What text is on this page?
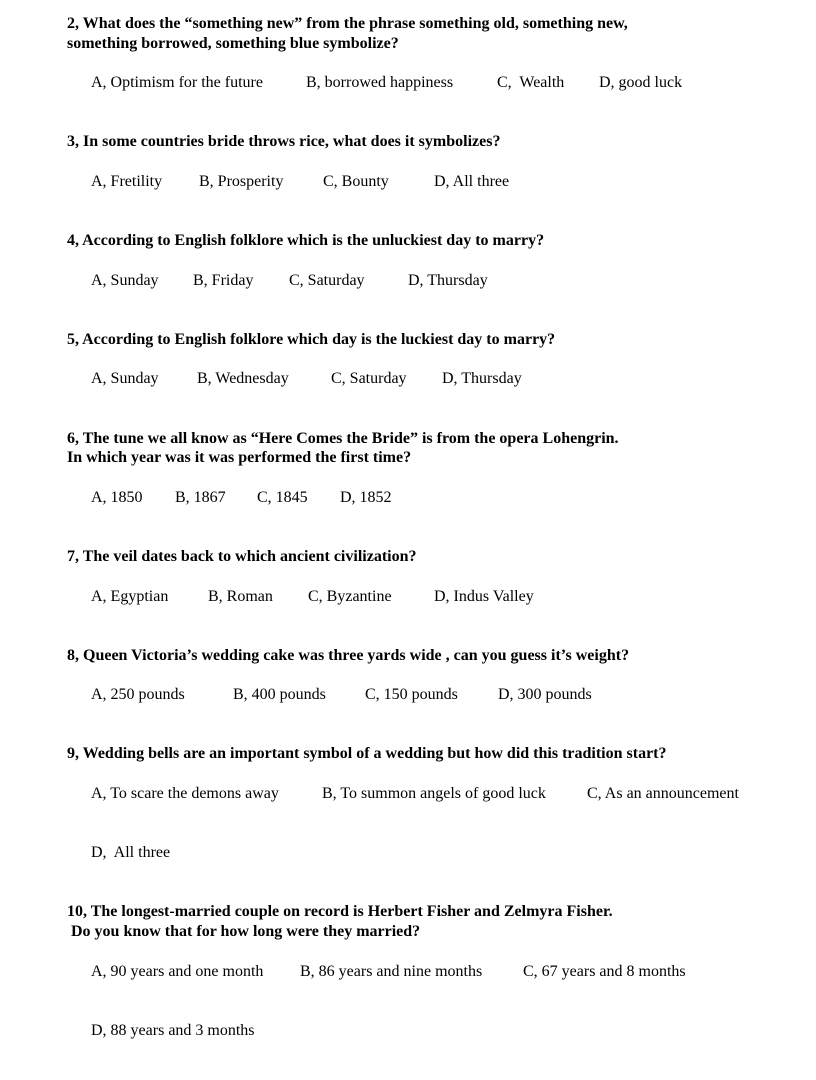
2, What does the “something new” from the phrase something old, something new,
something borrowed, something blue symbolize?

A, Optimism for the future	B, borrowed happiness	C,  Wealth D, good luck

3, In some countries bride throws rice, what does it symbolizes?

A, Fretility B, Prosperity C, Bounty	D, All three

4, According to English folklore which is the unluckiest day to marry?

A, Sunday B, Friday C, Saturday	D, Thursday

5, According to English folklore which day is the luckiest day to marry?

A, Sunday B, Wednesday	C, Saturday D, Thursday

6, The tune we all know as “Here Comes the Bride” is from the opera Lohengrin.
In which year was it was performed the first time?

A, 1850 B, 1867 C, 1845 D, 1852

7, The veil dates back to which ancient civilization?

A, Egyptian B, Roman C, Byzantine	D, Indus Valley

8, Queen Victoria’s wedding cake was three yards wide , can you guess it’s weight?

A, 250 pounds	B, 400 pounds C, 150 pounds	D, 300 pounds

9, Wedding bells are an important symbol of a wedding but how did this tradition start?

A, To scare the demons away	B, To summon angels of good luck	C, As an announcement

D,  All three

10, The longest-married couple on record is Herbert Fisher and Zelmyra Fisher.
Do you know that for how long were they married?

A, 90 years and one month B, 86 years and nine months	C, 67 years and 8 months

D, 88 years and 3 months
